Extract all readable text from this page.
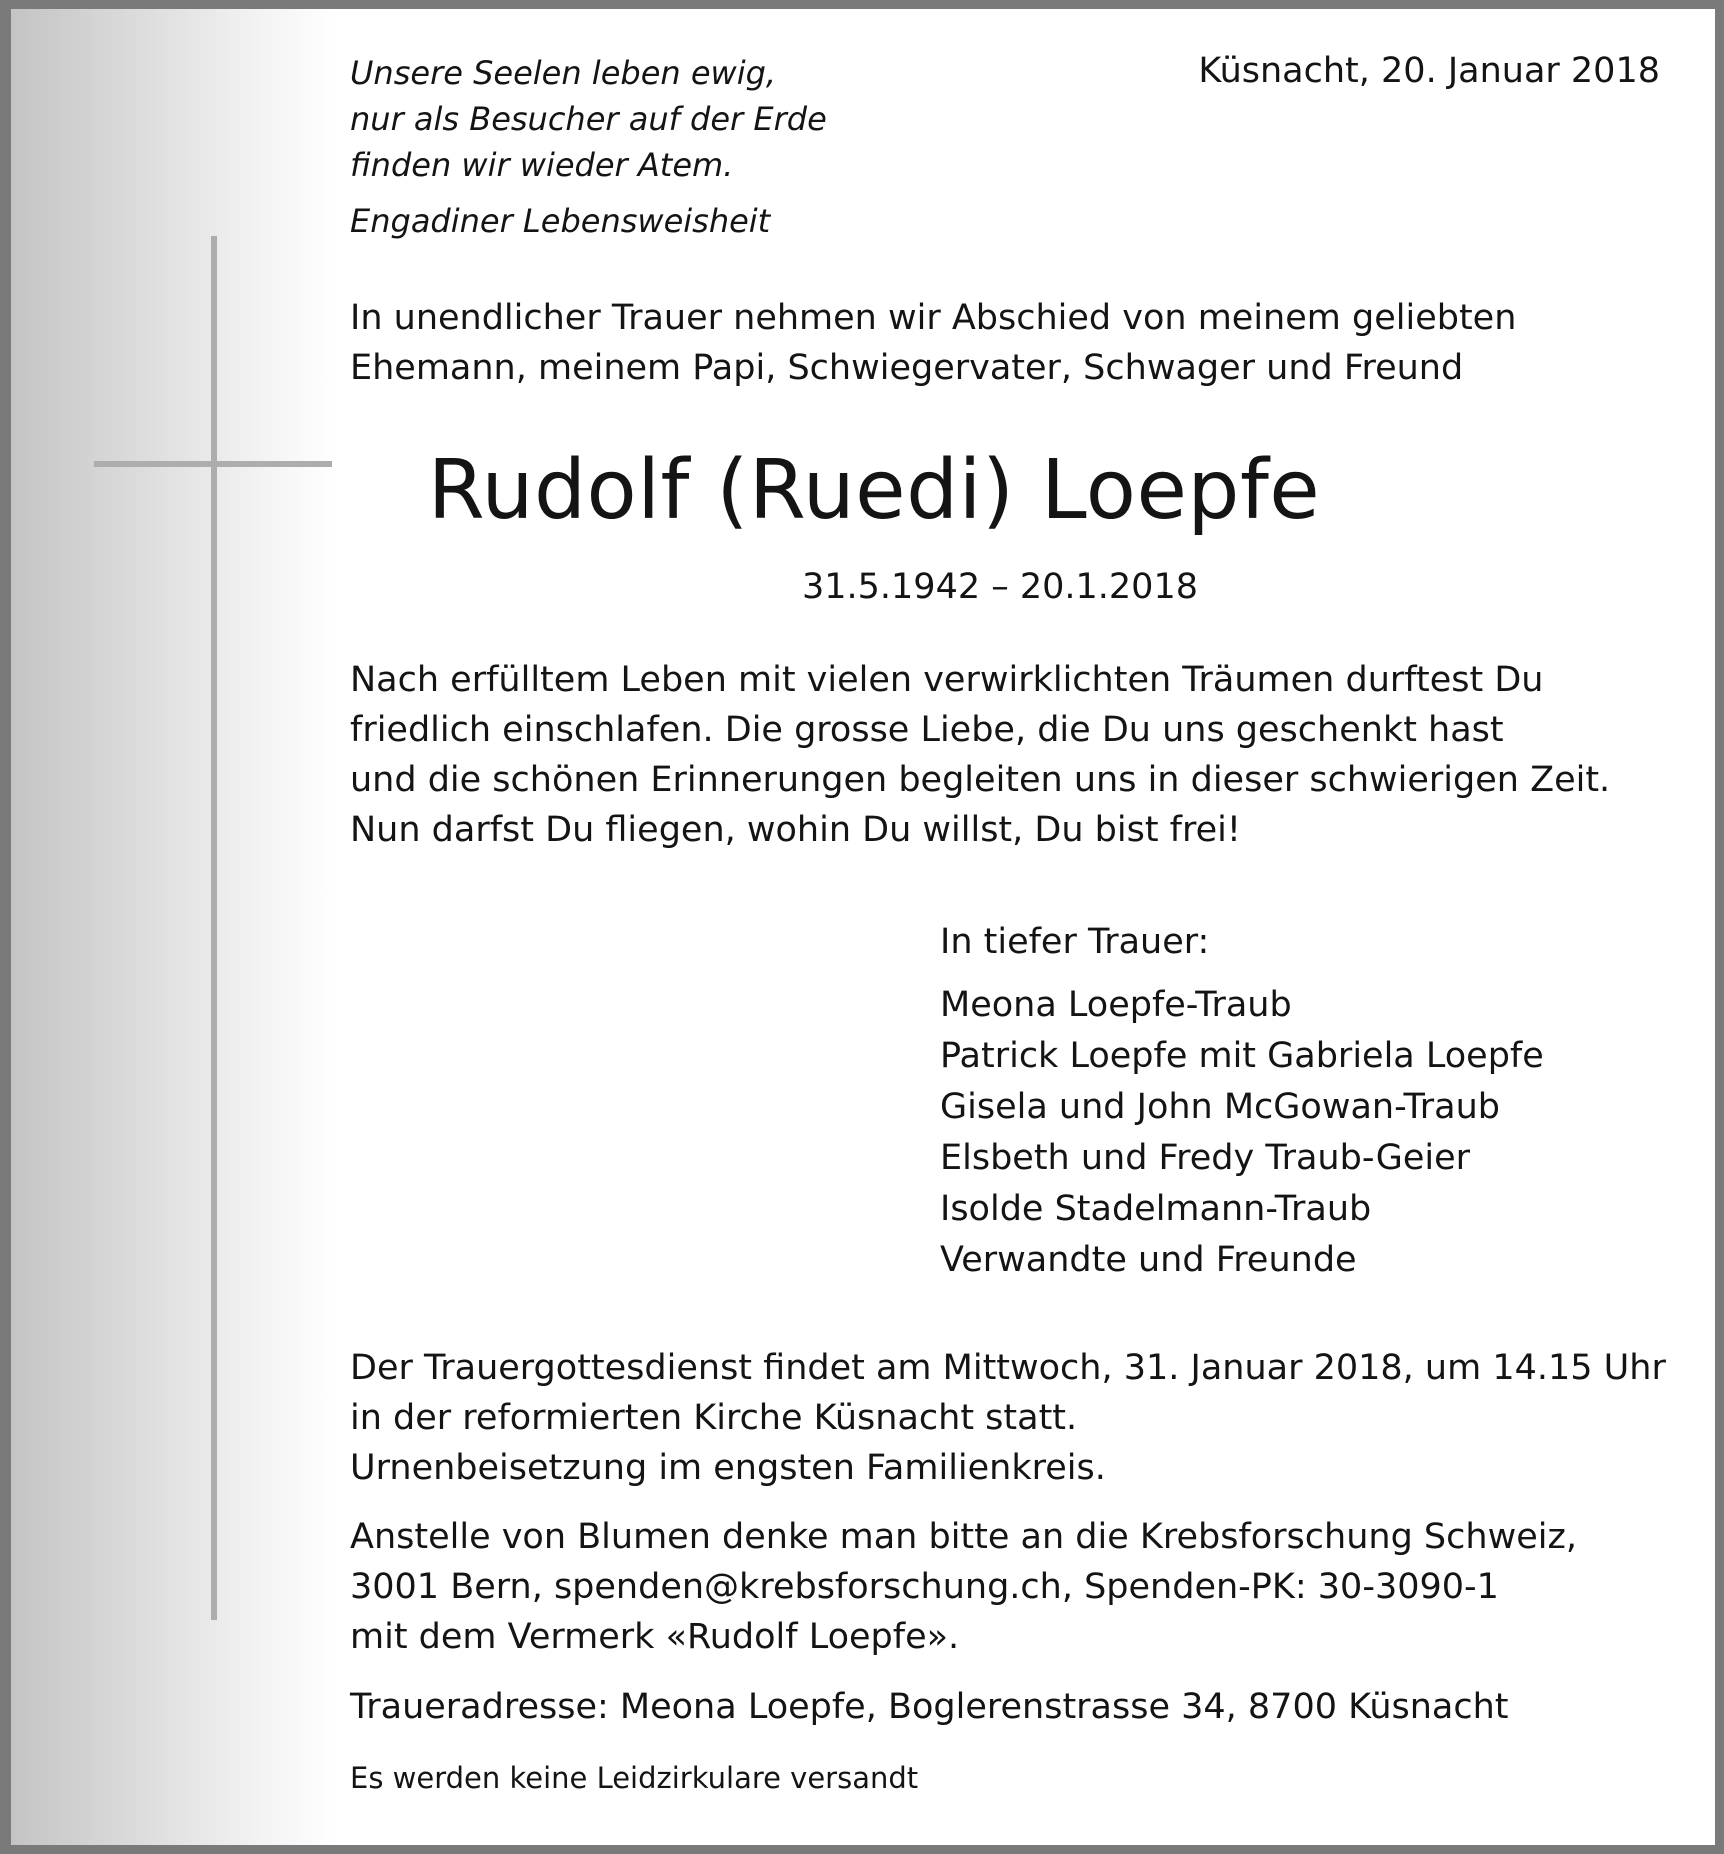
Unsere Seelen leben ewig,
nur als Besucher auf der Erde
finden wir wieder Atem.
Engadiner Lebensweisheit
Küsnacht, 20. Januar 2018
In unendlicher Trauer nehmen wir Abschied von meinem geliebten
Ehemann, meinem Papi, Schwiegervater, Schwager und Freund
Rudolf (Ruedi) Loepfe
31.5.1942 – 20.1.2018
Nach erfülltem Leben mit vielen verwirklichten Träumen durftest Du
friedlich einschlafen. Die grosse Liebe, die Du uns geschenkt hast
und die schönen Erinnerungen begleiten uns in dieser schwierigen Zeit.
Nun darfst Du fliegen, wohin Du willst, Du bist frei!
In tiefer Trauer:
Meona Loepfe-Traub
Patrick Loepfe mit Gabriela Loepfe
Gisela und John McGowan-Traub
Elsbeth und Fredy Traub-Geier
Isolde Stadelmann-Traub
Verwandte und Freunde
Der Trauergottesdienst findet am Mittwoch, 31. Januar 2018, um 14.15 Uhr
in der reformierten Kirche Küsnacht statt.
Urnenbeisetzung im engsten Familienkreis.
Anstelle von Blumen denke man bitte an die Krebsforschung Schweiz,
3001 Bern, spenden@krebsforschung.ch, Spenden-PK: 30-3090-1
mit dem Vermerk «Rudolf Loepfe».
Traueradresse: Meona Loepfe, Boglerenstrasse 34, 8700 Küsnacht
Es werden keine Leidzirkulare versandt
